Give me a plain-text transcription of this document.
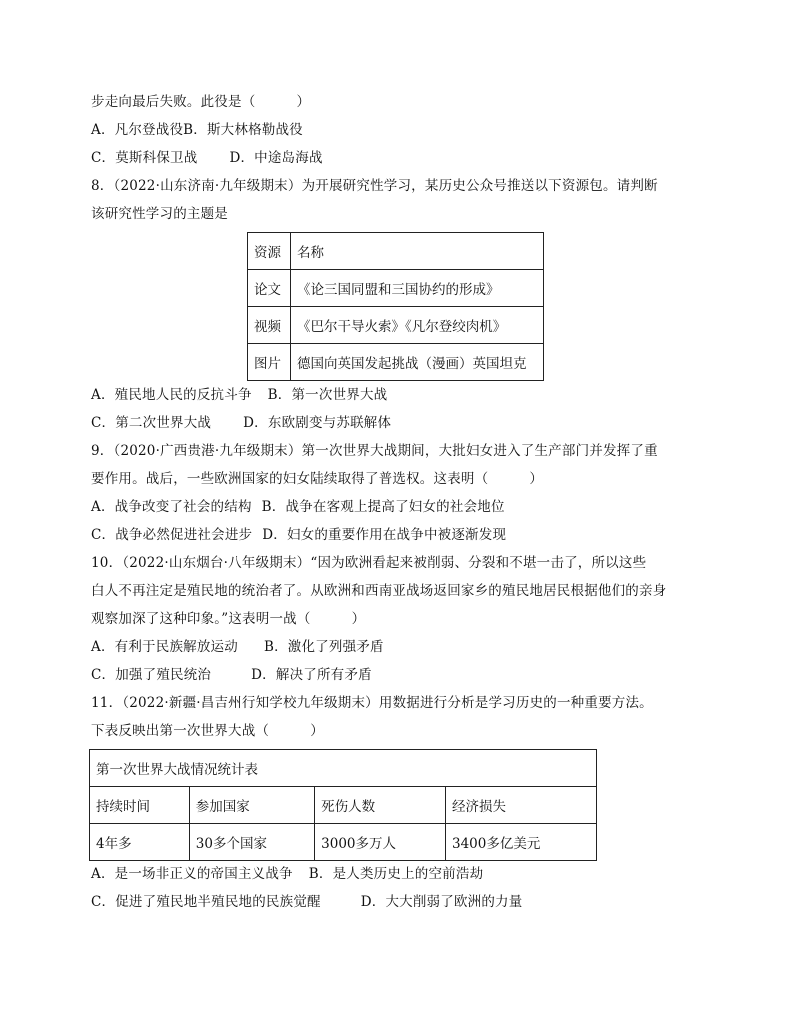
步走向最后失败。此役是（　　　）
A．凡尔登战役B．斯大林格勒战役
C．莫斯科保卫战 D．中途岛海战
8．（2022·山东济南·九年级期末）为开展研究性学习，某历史公众号推送以下资源包。请判断
该研究性学习的主题是
资源	名称
论文	《论三国同盟和三国协约的形成》
视频	《巴尔干导火索》《凡尔登绞肉机》
图片	德国向英国发起挑战（漫画）英国坦克
A．殖民地人民的反抗斗争 B．第一次世界大战
C．第二次世界大战 D．东欧剧变与苏联解体
9．（2020·广西贵港·九年级期末）第一次世界大战期间，大批妇女进入了生产部门并发挥了重
要作用。战后，一些欧洲国家的妇女陆续取得了普选权。这表明（　　　）
A．战争改变了社会的结构 B．战争在客观上提高了妇女的社会地位
C．战争必然促进社会进步 D．妇女的重要作用在战争中被逐渐发现
10．（2022·山东烟台·八年级期末）“因为欧洲看起来被削弱、分裂和不堪一击了，所以这些
白人不再注定是殖民地的统治者了。从欧洲和西南亚战场返回家乡的殖民地居民根据他们的亲身
观察加深了这种印象。”这表明一战（　　　）
A．有利于民族解放运动 B．激化了列强矛盾
C．加强了殖民统治	D．解决了所有矛盾
11．（2022·新疆·昌吉州行知学校九年级期末）用数据进行分析是学习历史的一种重要方法。
下表反映出第一次世界大战（　　　）
第一次世界大战情况统计表			
持续时间	参加国家	死伤人数	经济损失
4年多	30多个国家	3000多万人	3400多亿美元
A．是一场非正义的帝国主义战争 B．是人类历史上的空前浩劫
C．促进了殖民地半殖民地的民族觉醒	D．大大削弱了欧洲的力量
